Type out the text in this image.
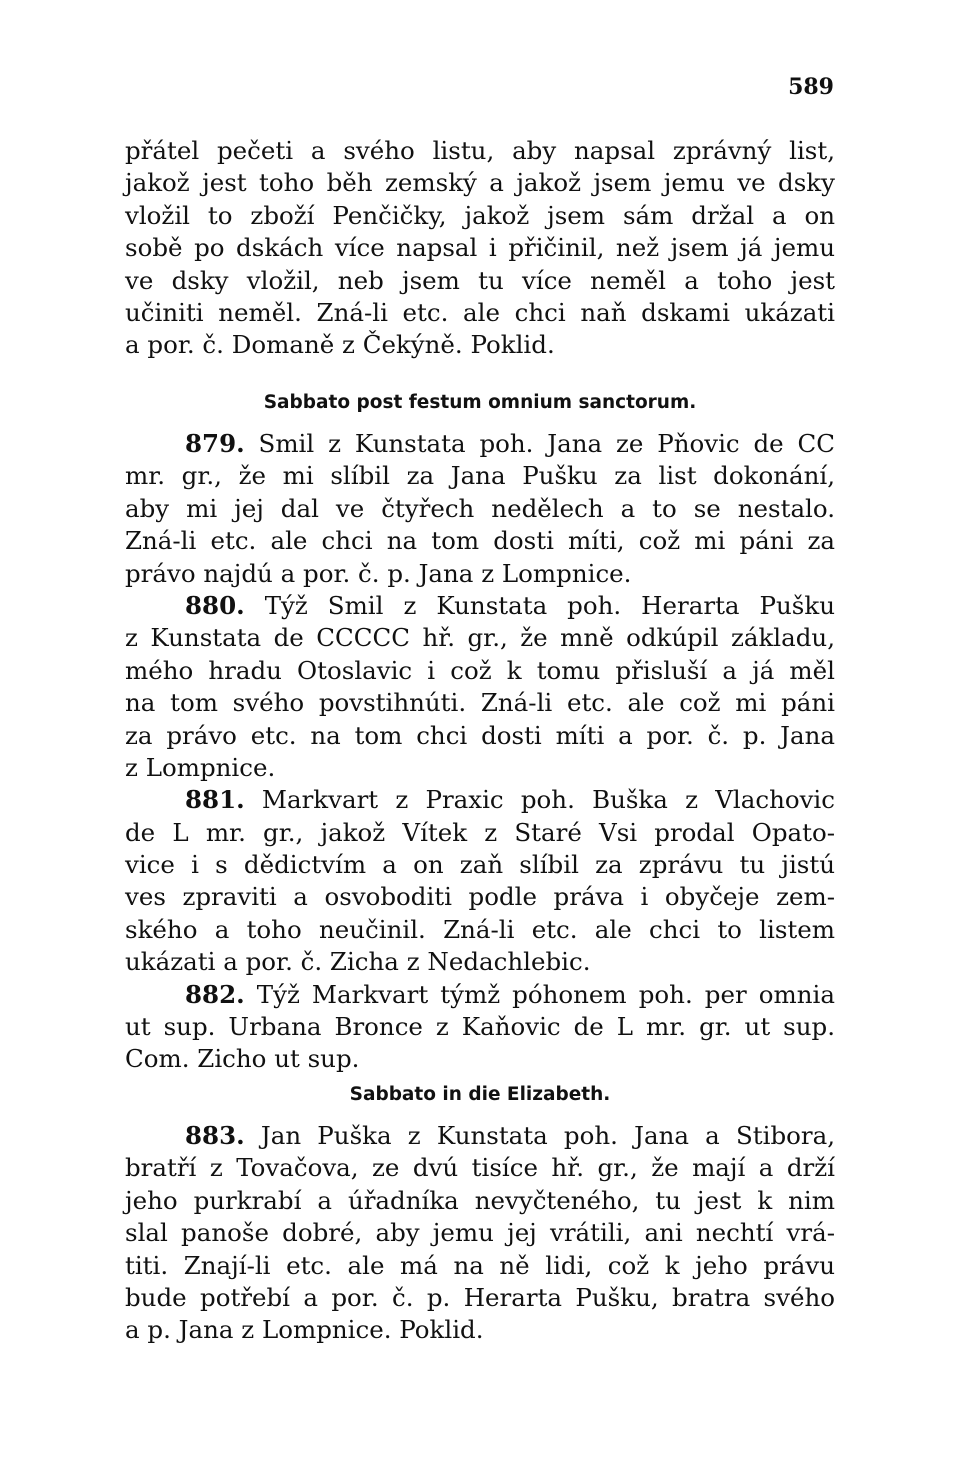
589
přátel pečeti a svého listu, aby napsal zprávný list,
jakož jest toho běh zemský a jakož jsem jemu ve dsky
vložil to zboží Penčičky, jakož jsem sám držal a on
sobě po dskách více napsal i přičinil, než jsem já jemu
ve dsky vložil, neb jsem tu více neměl a toho jest
učiniti neměl. Zná-li etc. ale chci naň dskami ukázati
a por. č. Domaně z Čekýně. Poklid.
Sabbato post festum omnium sanctorum.
879. Smil z Kunstata poh. Jana ze Pňovic de CC
mr. gr., že mi slíbil za Jana Pušku za list dokonání,
aby mi jej dal ve čtyřech nedělech a to se nestalo.
Zná-li etc. ale chci na tom dosti míti, což mi páni za
právo najdú a por. č. p. Jana z Lompnice.
880. Týž Smil z Kunstata poh. Herarta Pušku
z Kunstata de CCCCC hř. gr., že mně odkúpil základu,
mého hradu Otoslavic i což k tomu přisluší a já měl
na tom svého povstihnúti. Zná-li etc. ale což mi páni
za právo etc. na tom chci dosti míti a por. č. p. Jana
z Lompnice.
881. Markvart z Praxic poh. Buška z Vlachovic
de L mr. gr., jakož Vítek z Staré Vsi prodal Opato-
vice i s dědictvím a on zaň slíbil za zprávu tu jistú
ves zpraviti a osvoboditi podle práva i obyčeje zem-
ského a toho neučinil. Zná-li etc. ale chci to listem
ukázati a por. č. Zicha z Nedachlebic.
882. Týž Markvart týmž póhonem poh. per omnia
ut sup. Urbana Bronce z Kaňovic de L mr. gr. ut sup.
Com. Zicho ut sup.
Sabbato in die Elizabeth.
883. Jan Puška z Kunstata poh. Jana a Stibora,
bratří z Tovačova, ze dvú tisíce hř. gr., že mají a drží
jeho purkrabí a úřadníka nevyčteného, tu jest k nim
slal panoše dobré, aby jemu jej vrátili, ani nechtí vrá-
titi. Znají-li etc. ale má na ně lidi, což k jeho právu
bude potřebí a por. č. p. Herarta Pušku, bratra svého
a p. Jana z Lompnice. Poklid.
